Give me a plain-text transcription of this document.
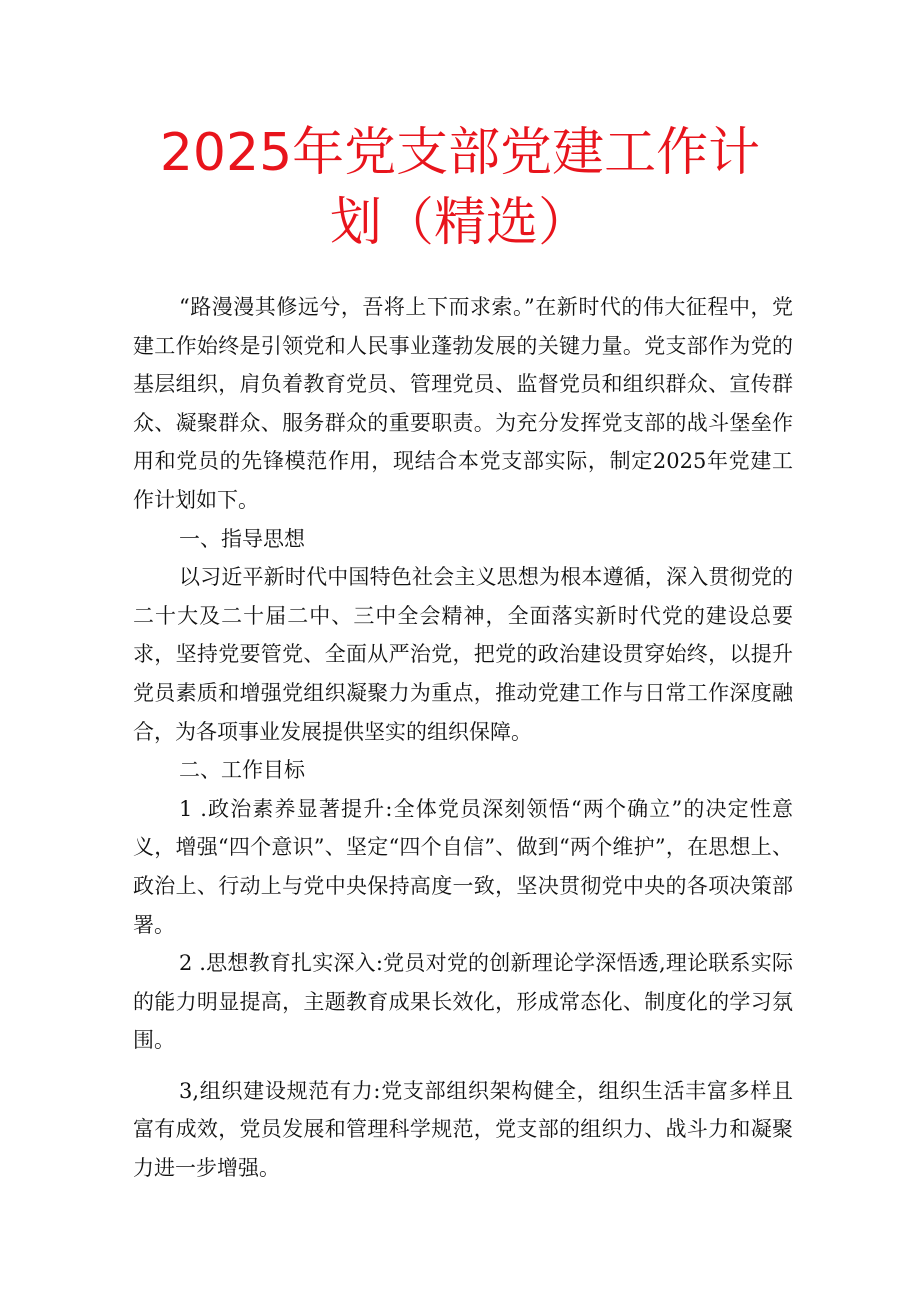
2025年党支部党建工作计
划（精选）

“路漫漫其修远兮，吾将上下而求索。”在新时代的伟大征程中，党建工作始终是引领党和人民事业蓬勃发展的关键力量。党支部作为党的基层组织，肩负着教育党员、管理党员、监督党员和组织群众、宣传群众、凝聚群众、服务群众的重要职责。为充分发挥党支部的战斗堡垒作用和党员的先锋模范作用，现结合本党支部实际，制定2025年党建工作计划如下。

一、指导思想

以习近平新时代中国特色社会主义思想为根本遵循，深入贯彻党的二十大及二十届二中、三中全会精神，全面落实新时代党的建设总要求，坚持党要管党、全面从严治党，把党的政治建设贯穿始终，以提升党员素质和增强党组织凝聚力为重点，推动党建工作与日常工作深度融合，为各项事业发展提供坚实的组织保障。

二、工作目标

1 .政治素养显著提升:全体党员深刻领悟“两个确立”的决定性意义，增强“四个意识”、坚定“四个自信”、做到“两个维护”，在思想上、政治上、行动上与党中央保持高度一致，坚决贯彻党中央的各项决策部署。

2 .思想教育扎实深入:党员对党的创新理论学深悟透,理论联系实际的能力明显提高，主题教育成果长效化，形成常态化、制度化的学习氛围。

3,组织建设规范有力:党支部组织架构健全，组织生活丰富多样且富有成效，党员发展和管理科学规范，党支部的组织力、战斗力和凝聚力进一步增强。
